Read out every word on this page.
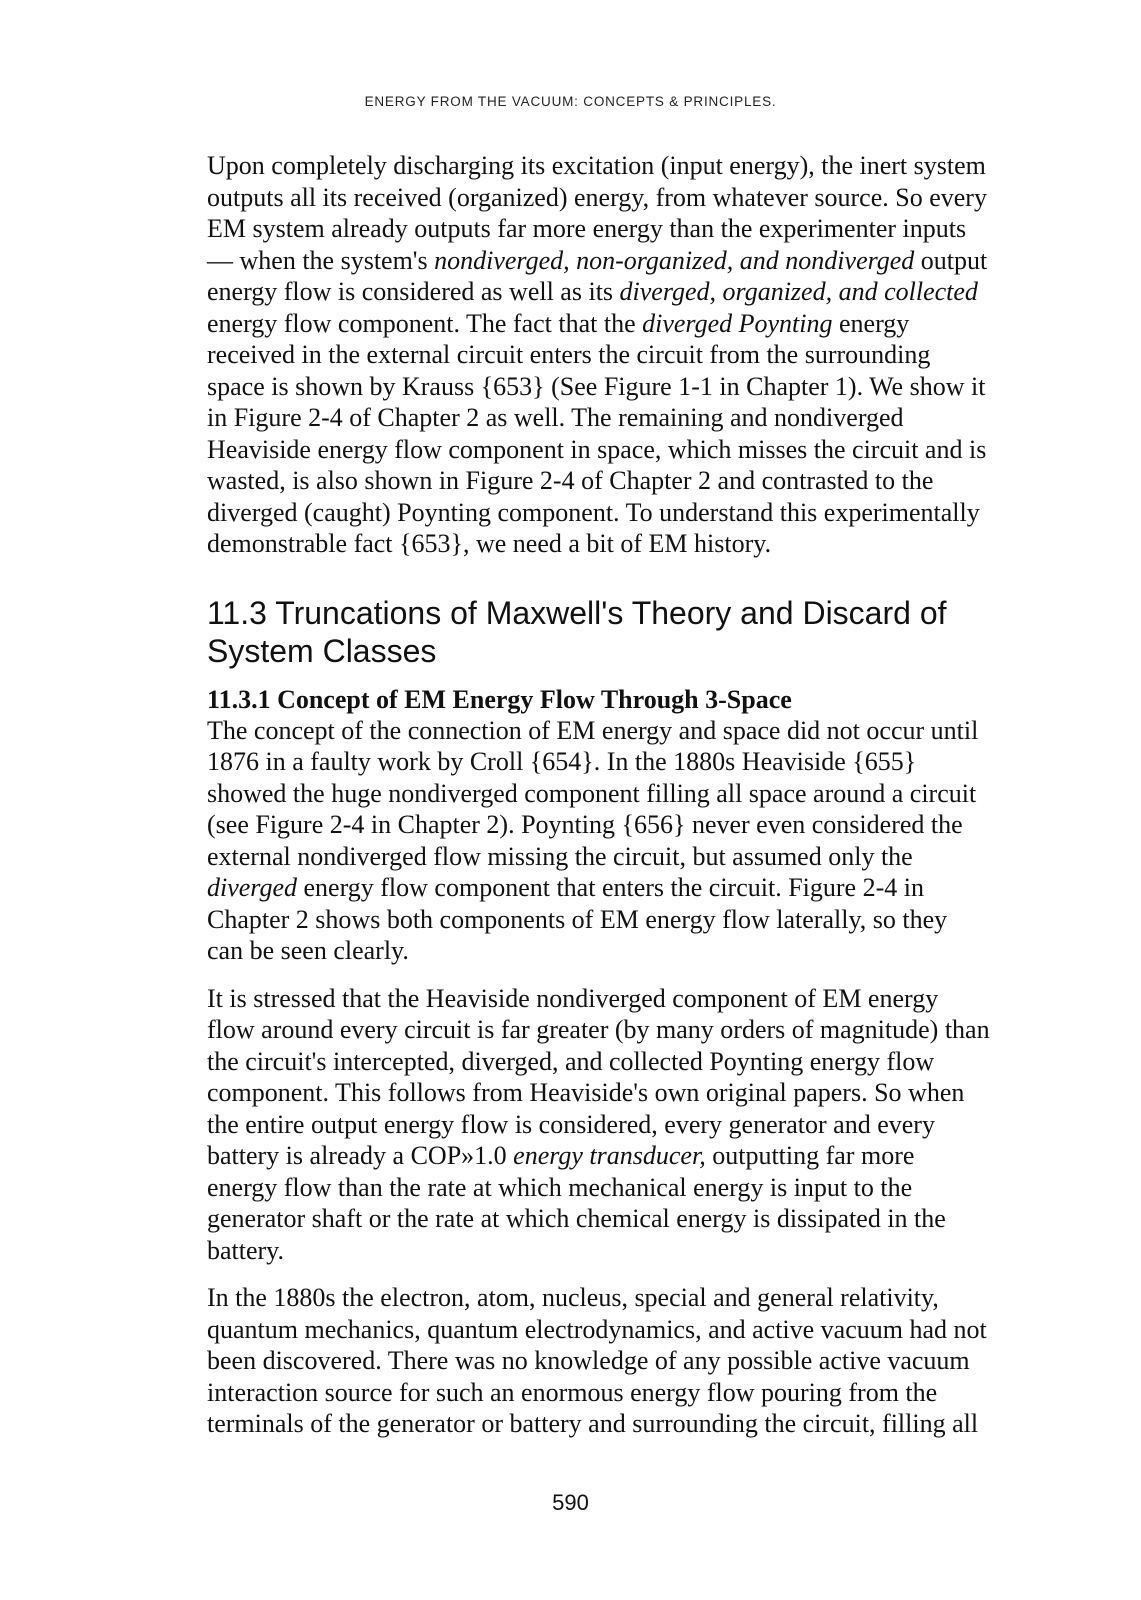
ENERGY FROM THE VACUUM: CONCEPTS & PRINCIPLES.

Upon completely discharging its excitation (input energy), the inert system
outputs all its received (organized) energy, from whatever source. So every
EM system already outputs far more energy than the experimenter inputs
— when the system's nondiverged, non-organized, and nondiverged output
energy flow is considered as well as its diverged, organized, and collected
energy flow component. The fact that the diverged Poynting energy
received in the external circuit enters the circuit from the surrounding
space is shown by Krauss {653} (See Figure 1-1 in Chapter 1). We show it
in Figure 2-4 of Chapter 2 as well. The remaining and nondiverged
Heaviside energy flow component in space, which misses the circuit and is
wasted, is also shown in Figure 2-4 of Chapter 2 and contrasted to the
diverged (caught) Poynting component. To understand this experimentally
demonstrable fact {653}, we need a bit of EM history.

11.3 Truncations of Maxwell's Theory and Discard of
System Classes
11.3.1 Concept of EM Energy Flow Through 3-Space

The concept of the connection of EM energy and space did not occur until
1876 in a faulty work by Croll {654}. In the 1880s Heaviside {655}
showed the huge nondiverged component filling all space around a circuit
(see Figure 2-4 in Chapter 2). Poynting {656} never even considered the
external nondiverged flow missing the circuit, but assumed only the
diverged energy flow component that enters the circuit. Figure 2-4 in
Chapter 2 shows both components of EM energy flow laterally, so they
can be seen clearly.

It is stressed that the Heaviside nondiverged component of EM energy
flow around every circuit is far greater (by many orders of magnitude) than
the circuit's intercepted, diverged, and collected Poynting energy flow
component. This follows from Heaviside's own original papers. So when
the entire output energy flow is considered, every generator and every
battery is already a COP»1.0 energy transducer, outputting far more
energy flow than the rate at which mechanical energy is input to the
generator shaft or the rate at which chemical energy is dissipated in the
battery.

In the 1880s the electron, atom, nucleus, special and general relativity,
quantum mechanics, quantum electrodynamics, and active vacuum had not
been discovered. There was no knowledge of any possible active vacuum
interaction source for such an enormous energy flow pouring from the
terminals of the generator or battery and surrounding the circuit, filling all

590
